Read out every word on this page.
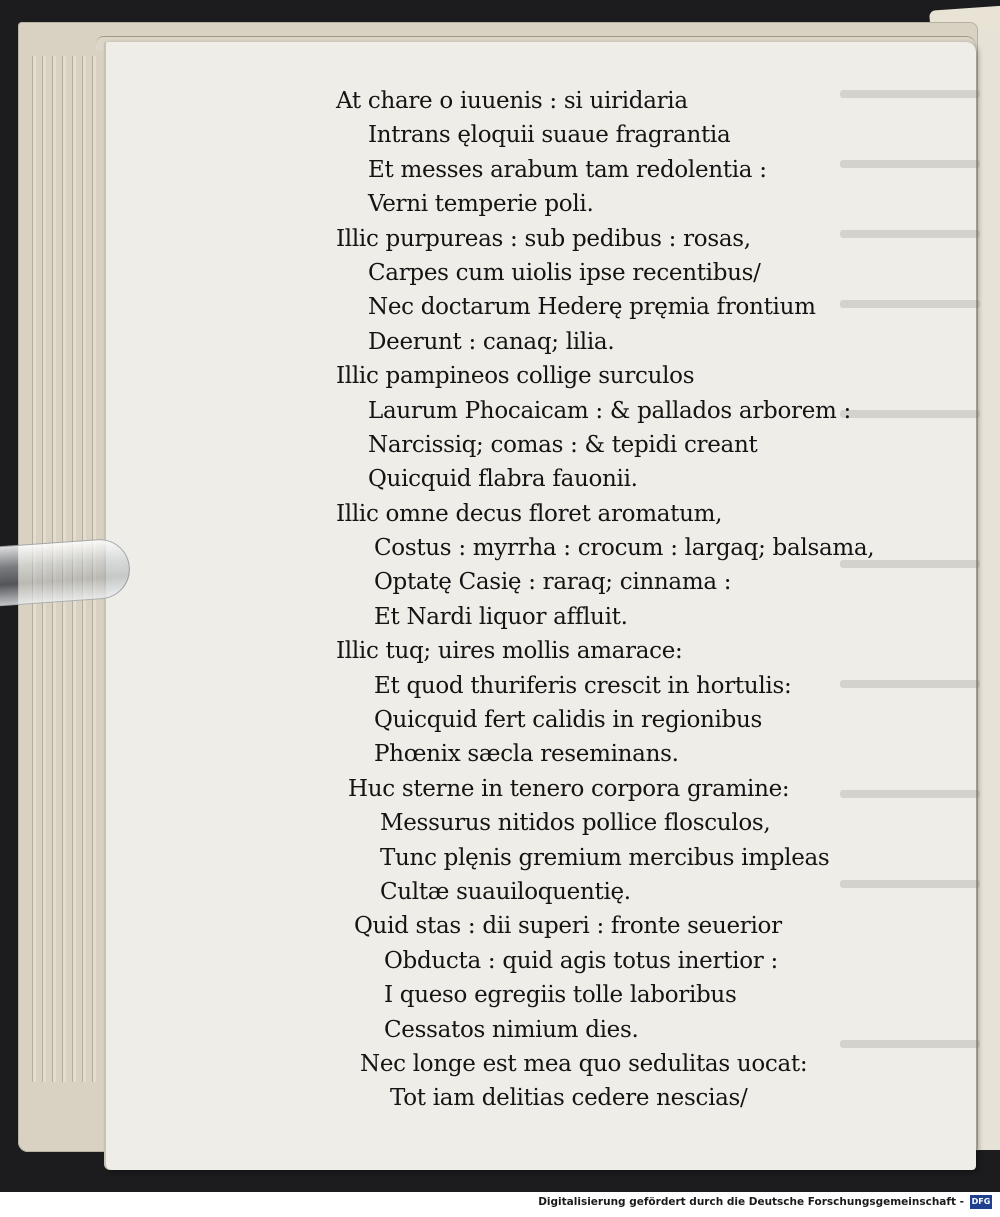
At chare o iuuenis : si uiridaria
Intrans ęloquii suaue fragrantia
Et messes arabum tam redolentia :
Verni temperie poli.
Illic purpureas : sub pedibus : rosas,
Carpes cum uiolis ipse recentibus/
Nec doctarum Hederę pręmia frontium
Deerunt : canaq; lilia.
Illic pampineos collige surculos
Laurum Phocaicam : & pallados arborem :
Narcissiq; comas : & tepidi creant
Quicquid flabra fauonii.
Illic omne decus floret aromatum,
Costus : myrrha : crocum : largaq; balsama,
Optatę Casię : raraq; cinnama :
Et Nardi liquor affluit.
Illic tuq; uires mollis amarace:
Et quod thuriferis crescit in hortulis:
Quicquid fert calidis in regionibus
Phœnix sæcla reseminans.
Huc sterne in tenero corpora gramine:
Messurus nitidos pollice flosculos,
Tunc plęnis gremium mercibus impleas
Cultæ suauiloquentię.
Quid stas : dii superi : fronte seuerior
Obducta : quid agis totus inertior :
I queso egregiis tolle laboribus
Cessatos nimium dies.
Nec longe est mea quo sedulitas uocat:
Tot iam delitias cedere nescias/
Digitalisierung gefördert durch die Deutsche Forschungsgemeinschaft - DFG
